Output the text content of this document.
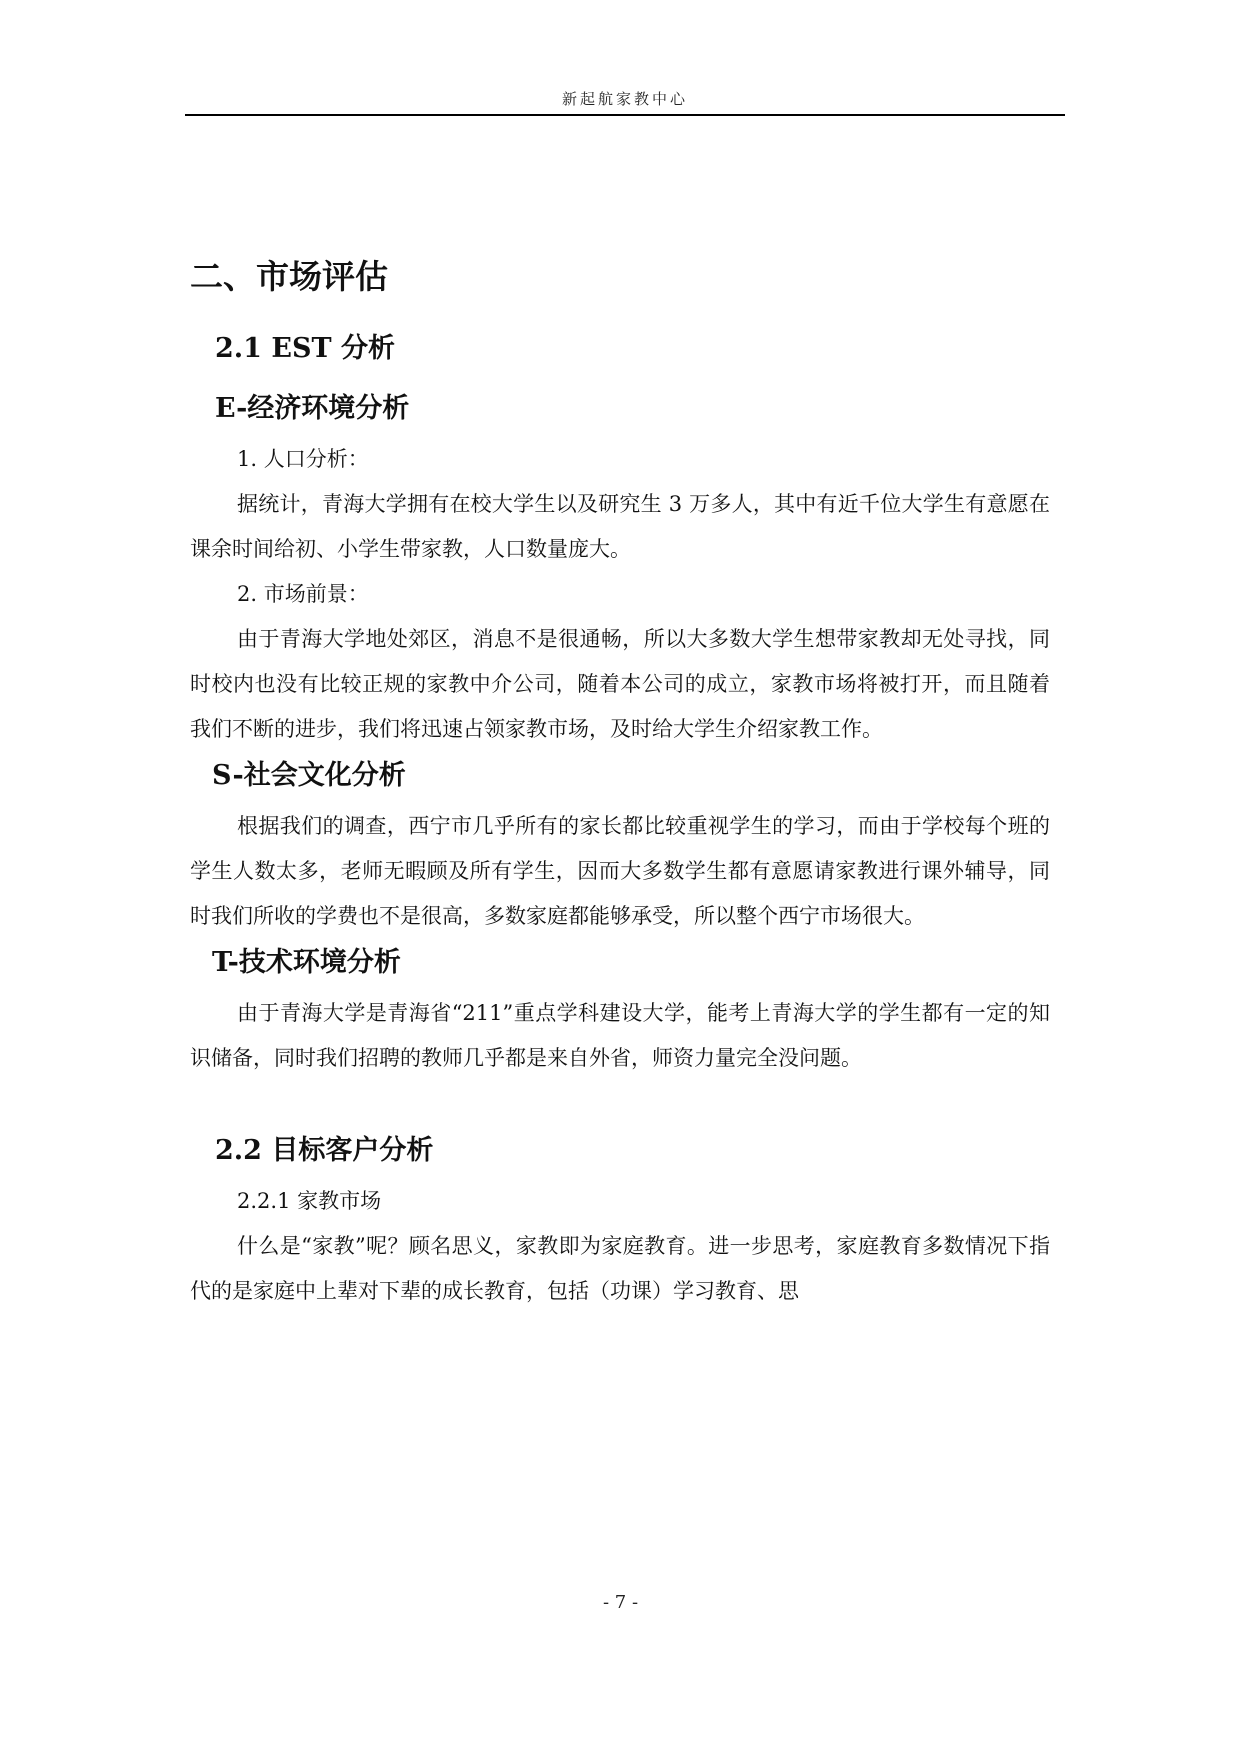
新起航家教中心
二、市场评估
2.1 EST 分析
E-经济环境分析

1. 人口分析：

据统计，青海大学拥有在校大学生以及研究生 3 万多人，其中有近千位大学生有意愿在课余时间给初、小学生带家教，人口数量庞大。

2. 市场前景：

由于青海大学地处郊区，消息不是很通畅，所以大多数大学生想带家教却无处寻找，同时校内也没有比较正规的家教中介公司，随着本公司的成立，家教市场将被打开，而且随着我们不断的进步，我们将迅速占领家教市场，及时给大学生介绍家教工作。

S-社会文化分析

根据我们的调查，西宁市几乎所有的家长都比较重视学生的学习，而由于学校每个班的学生人数太多，老师无暇顾及所有学生，因而大多数学生都有意愿请家教进行课外辅导，同时我们所收的学费也不是很高，多数家庭都能够承受，所以整个西宁市场很大。

T-技术环境分析

由于青海大学是青海省“211”重点学科建设大学，能考上青海大学的学生都有一定的知识储备，同时我们招聘的教师几乎都是来自外省，师资力量完全没问题。

2.2 目标客户分析

2.2.1 家教市场

什么是“家教”呢？顾名思义，家教即为家庭教育。进一步思考，家庭教育多数情况下指代的是家庭中上辈对下辈的成长教育，包括（功课）学习教育、思

- 7 -
